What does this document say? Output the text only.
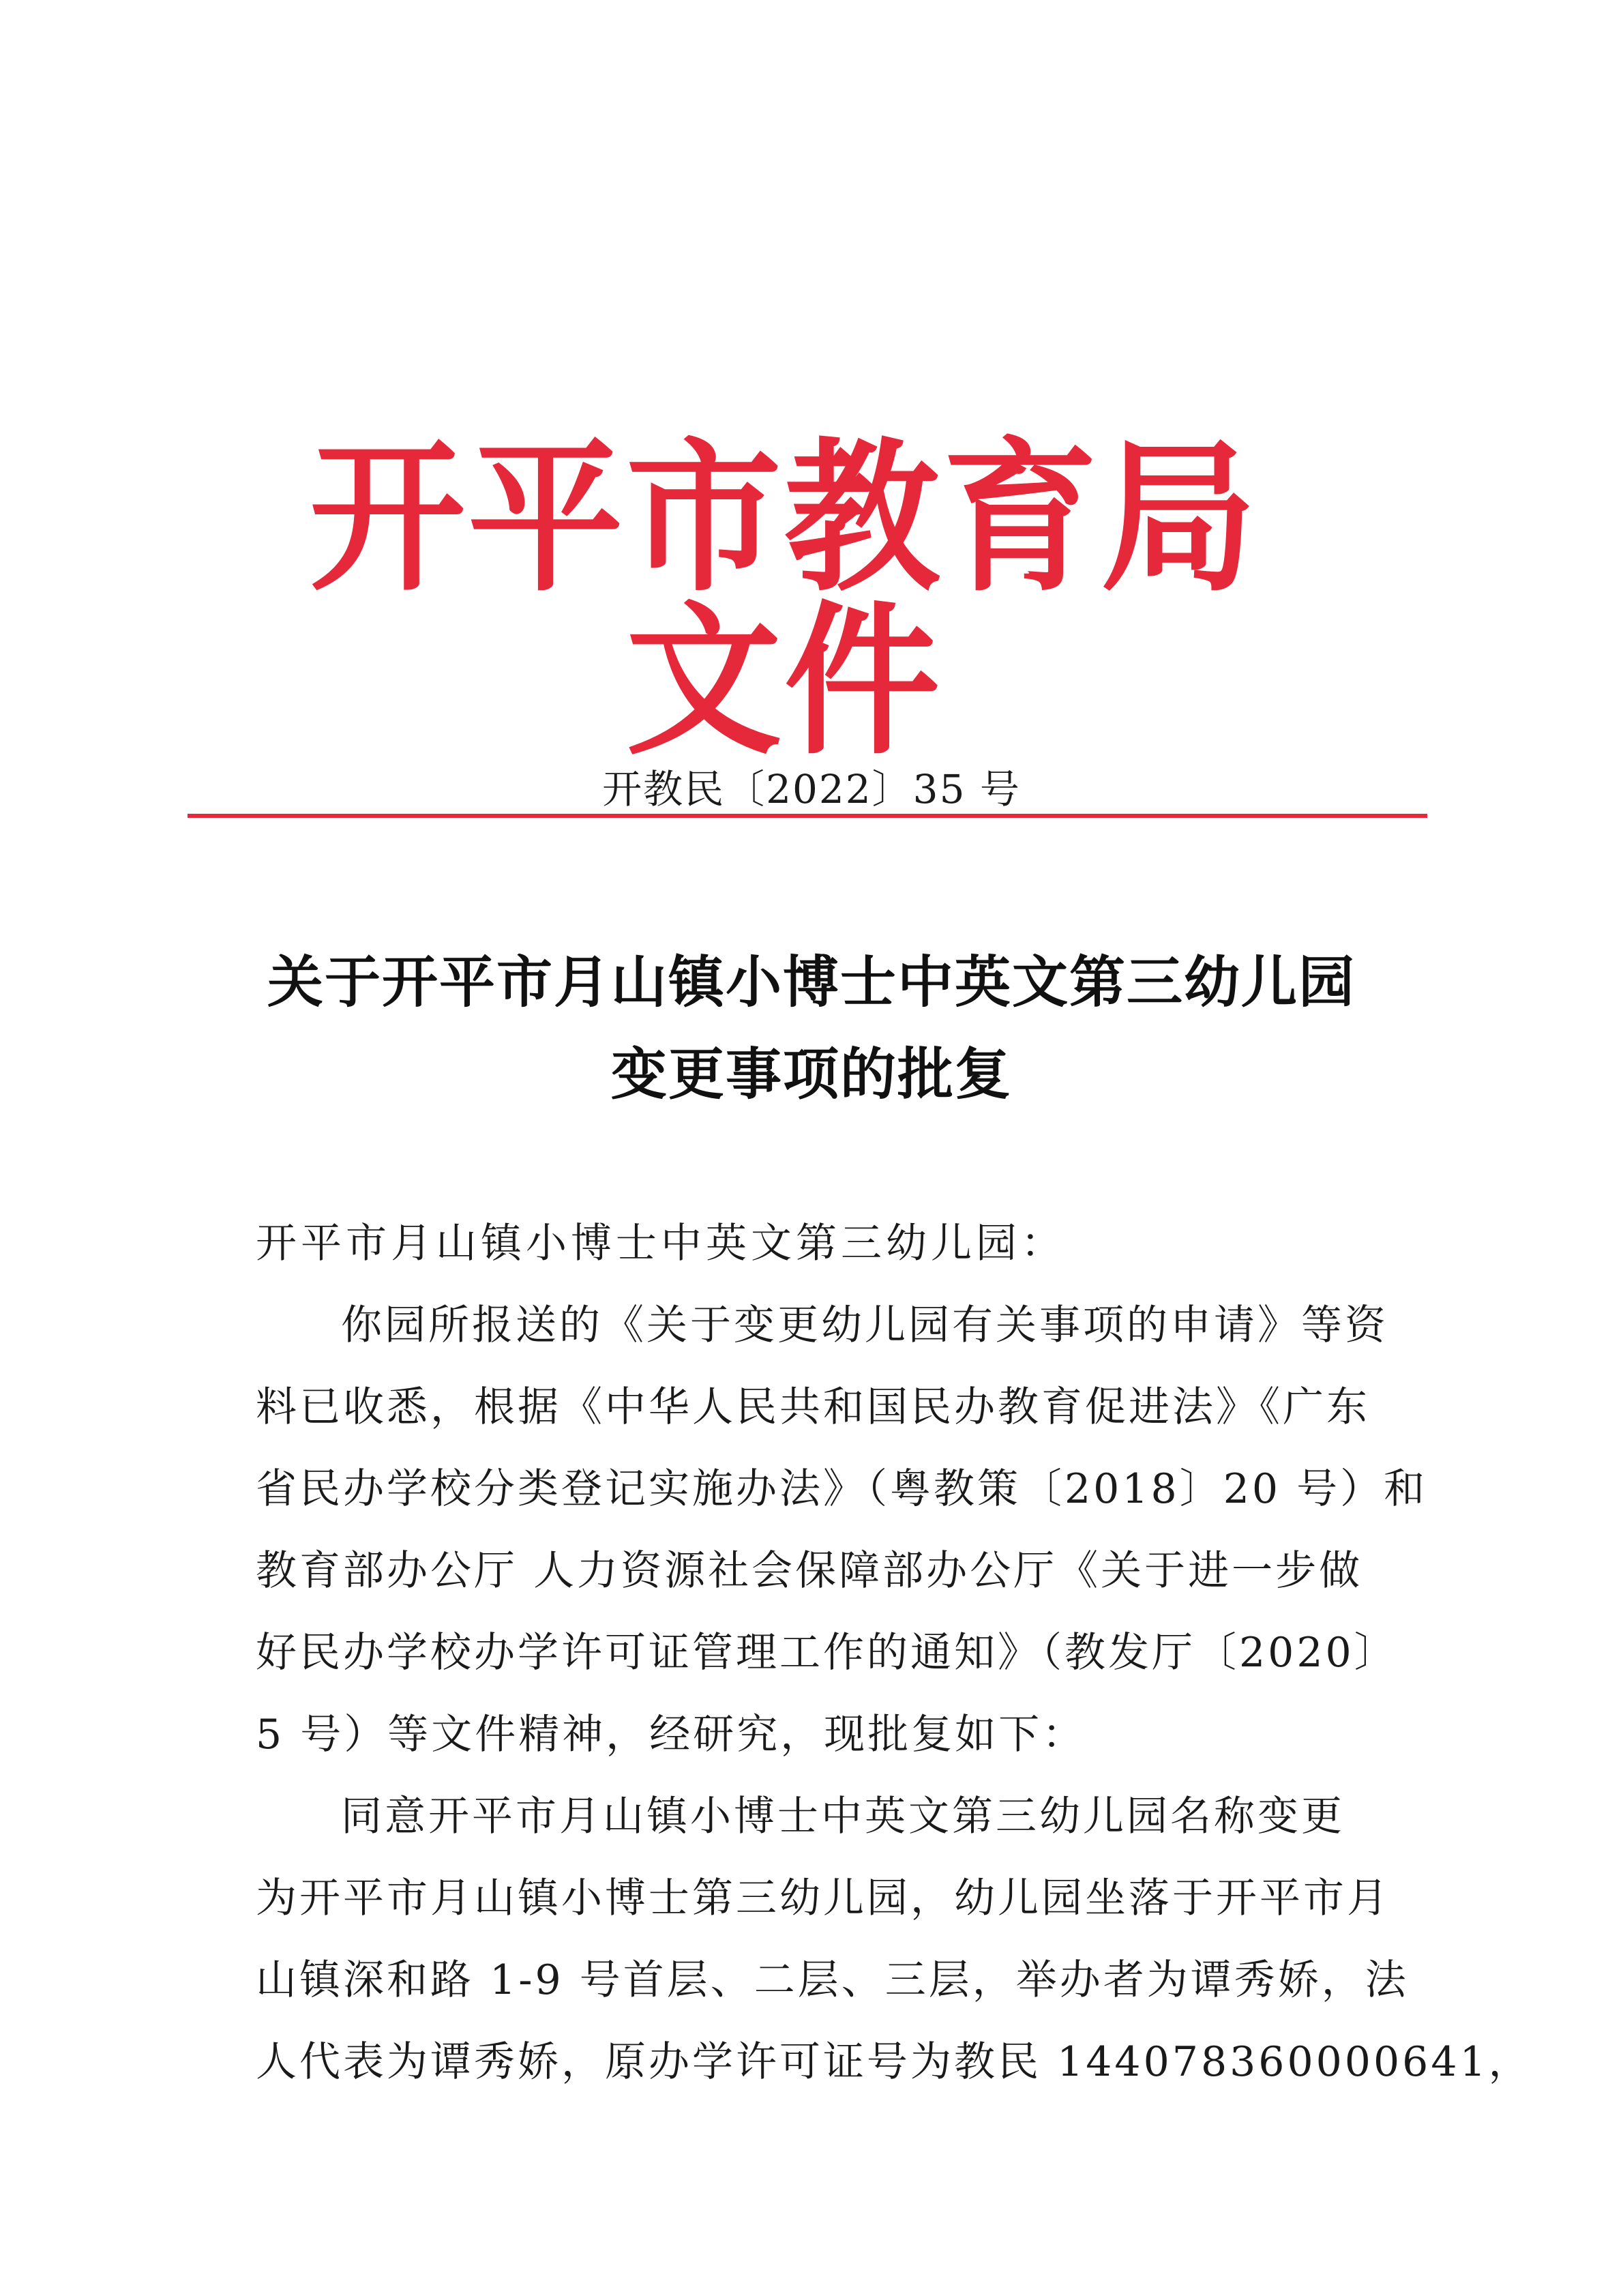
开平市教育局文件
开教民〔2022〕35 号
关于开平市月山镇小博士中英文第三幼儿园
变更事项的批复
开平市月山镇小博士中英文第三幼儿园：
你园所报送的《关于变更幼儿园有关事项的申请》等资
料已收悉，根据《中华人民共和国民办教育促进法》《广东
省民办学校分类登记实施办法》（粤教策〔2018〕20 号）和
教育部办公厅 人力资源社会保障部办公厅《关于进一步做
好民办学校办学许可证管理工作的通知》（教发厅〔2020〕
5 号）等文件精神，经研究，现批复如下：
同意开平市月山镇小博士中英文第三幼儿园名称变更
为开平市月山镇小博士第三幼儿园，幼儿园坐落于开平市月
山镇深和路 1-9 号首层、二层、三层，举办者为谭秀娇，法
人代表为谭秀娇，原办学许可证号为教民 144078360000641，
